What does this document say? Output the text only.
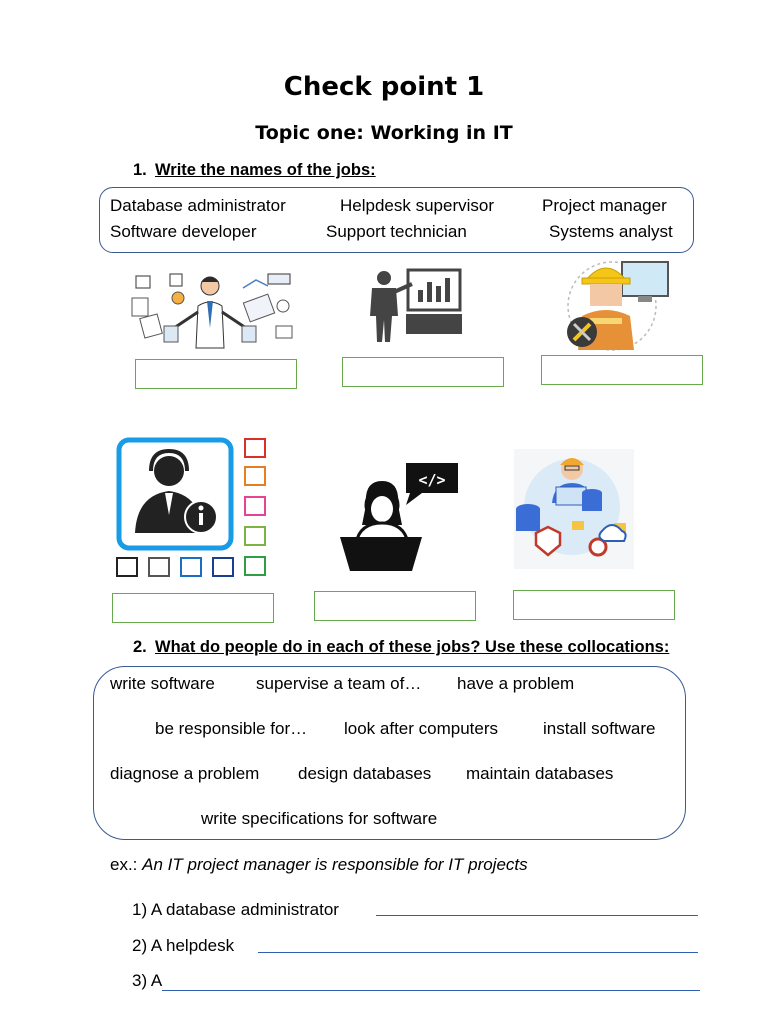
Check point 1
Topic one: Working in IT
1. Write the names of the jobs:
Database administrator	Helpdesk supervisor	Project manager
Software developer	Support technician	Systems analyst
</>
2. What do people do in each of these jobs? Use these collocations:
write software supervise a team of… have a problem
be responsible for… look after computers	install software
diagnose a problem design databases maintain databases
write specifications for software
ex.: An IT project manager is responsible for IT projects
1) A database administrator
2) A helpdesk
3) A
